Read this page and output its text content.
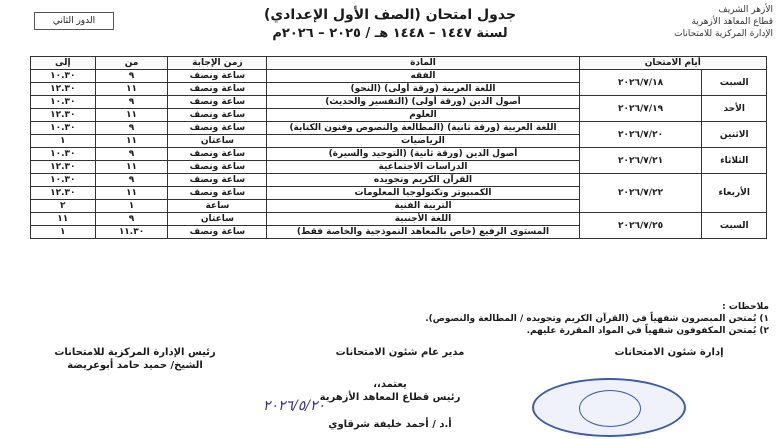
الأزهر الشريف
قطاع المعاهد الأزهرية
الإدارة المركزية للامتحانات
جدول امتحان (الصف الأول الإعدادي)
لسنة ١٤٤٧ – ١٤٤٨ هـ / ٢٠٢٥ – ٢٠٢٦م
الدور الثاني
أيام الامتحان		المادة	زمن الإجابة	من	إلى
السبت	٢٠٢٦/٧/١٨	الفقه	ساعة ونصف	٩	١٠.٣٠
		اللغة العربية (ورقة أولى) (النحو)	ساعة ونصف	١١	١٢.٣٠
الأحد	٢٠٢٦/٧/١٩	أصول الدين (ورقة أولى) (التفسير والحديث)	ساعة ونصف	٩	١٠.٣٠
		العلوم	ساعة ونصف	١١	١٢.٣٠
الاثنين	٢٠٢٦/٧/٢٠	اللغة العربية (ورقة ثانية) (المطالعة والنصوص وفنون الكتابة)	ساعة ونصف	٩	١٠.٣٠
		الرياضيات	ساعتان	١١	١
الثلاثاء	٢٠٢٦/٧/٢١	أصول الدين (ورقة ثانية) (التوحيد والسيرة)	ساعة ونصف	٩	١٠.٣٠
		الدراسات الاجتماعية	ساعة ونصف	١١	١٢.٣٠
الأربعاء	٢٠٢٦/٧/٢٢	القرآن الكريم وتجويده	ساعة ونصف	٩	١٠.٣٠
		الكمبيوتر وتكنولوجيا المعلومات	ساعة ونصف	١١	١٢.٣٠
		التربية الفنية	ساعة	١	٢
السبت	٢٠٢٦/٧/٢٥	اللغة الأجنبية	ساعتان	٩	١١
		المستوى الرفيع (خاص بالمعاهد النموذجية والخاصة فقط)	ساعة ونصف	١١.٣٠	١
ملاحظات :
١) يُمتحن المبصرون شفهياً في (القرآن الكريم وتجويده / المطالعة والنصوص).
٢) يُمتحن المكفوفون شفهياً في المواد المقررة عليهم.
إدارة شئون الامتحانات
مدير عام شئون الامتحانات
رئيس الإدارة المركزية للامتحانات
الشيخ/ حميد حامد أبوعريضة
يعتمد،،
رئيس قطاع المعاهد الأزهرية
أ.د / أحمد خليفة شرقاوي
٢٠٢٦/٥/٢٠
